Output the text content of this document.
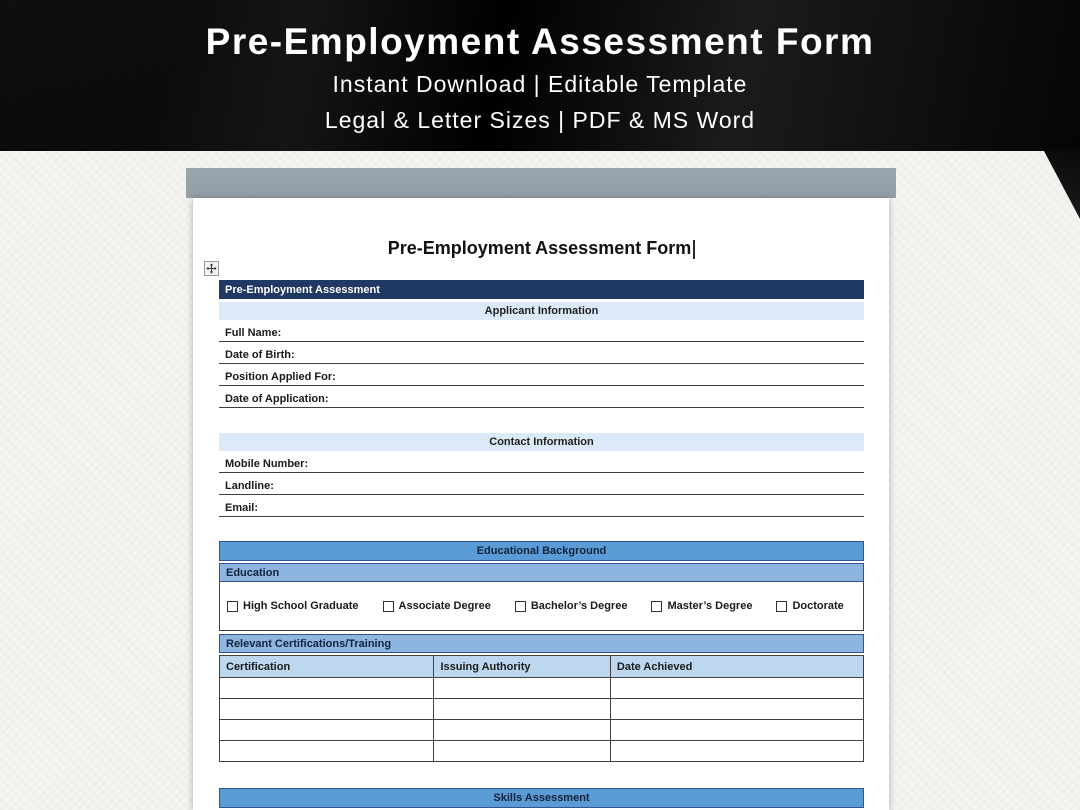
Pre-Employment Assessment Form
Instant Download | Editable Template
Legal & Letter Sizes | PDF & MS Word
Pre-Employment Assessment Form
Pre-Employment Assessment
Applicant Information
Full Name:
Date of Birth:
Position Applied For:
Date of Application:
Contact Information
Mobile Number:
Landline:
Email:
Educational Background
Education
High School Graduate	Associate Degree	Bachelor’s Degree	Master’s Degree	Doctorate
Relevant Certifications/Training
Certification	Issuing Authority	Date Achieved
Skills Assessment
